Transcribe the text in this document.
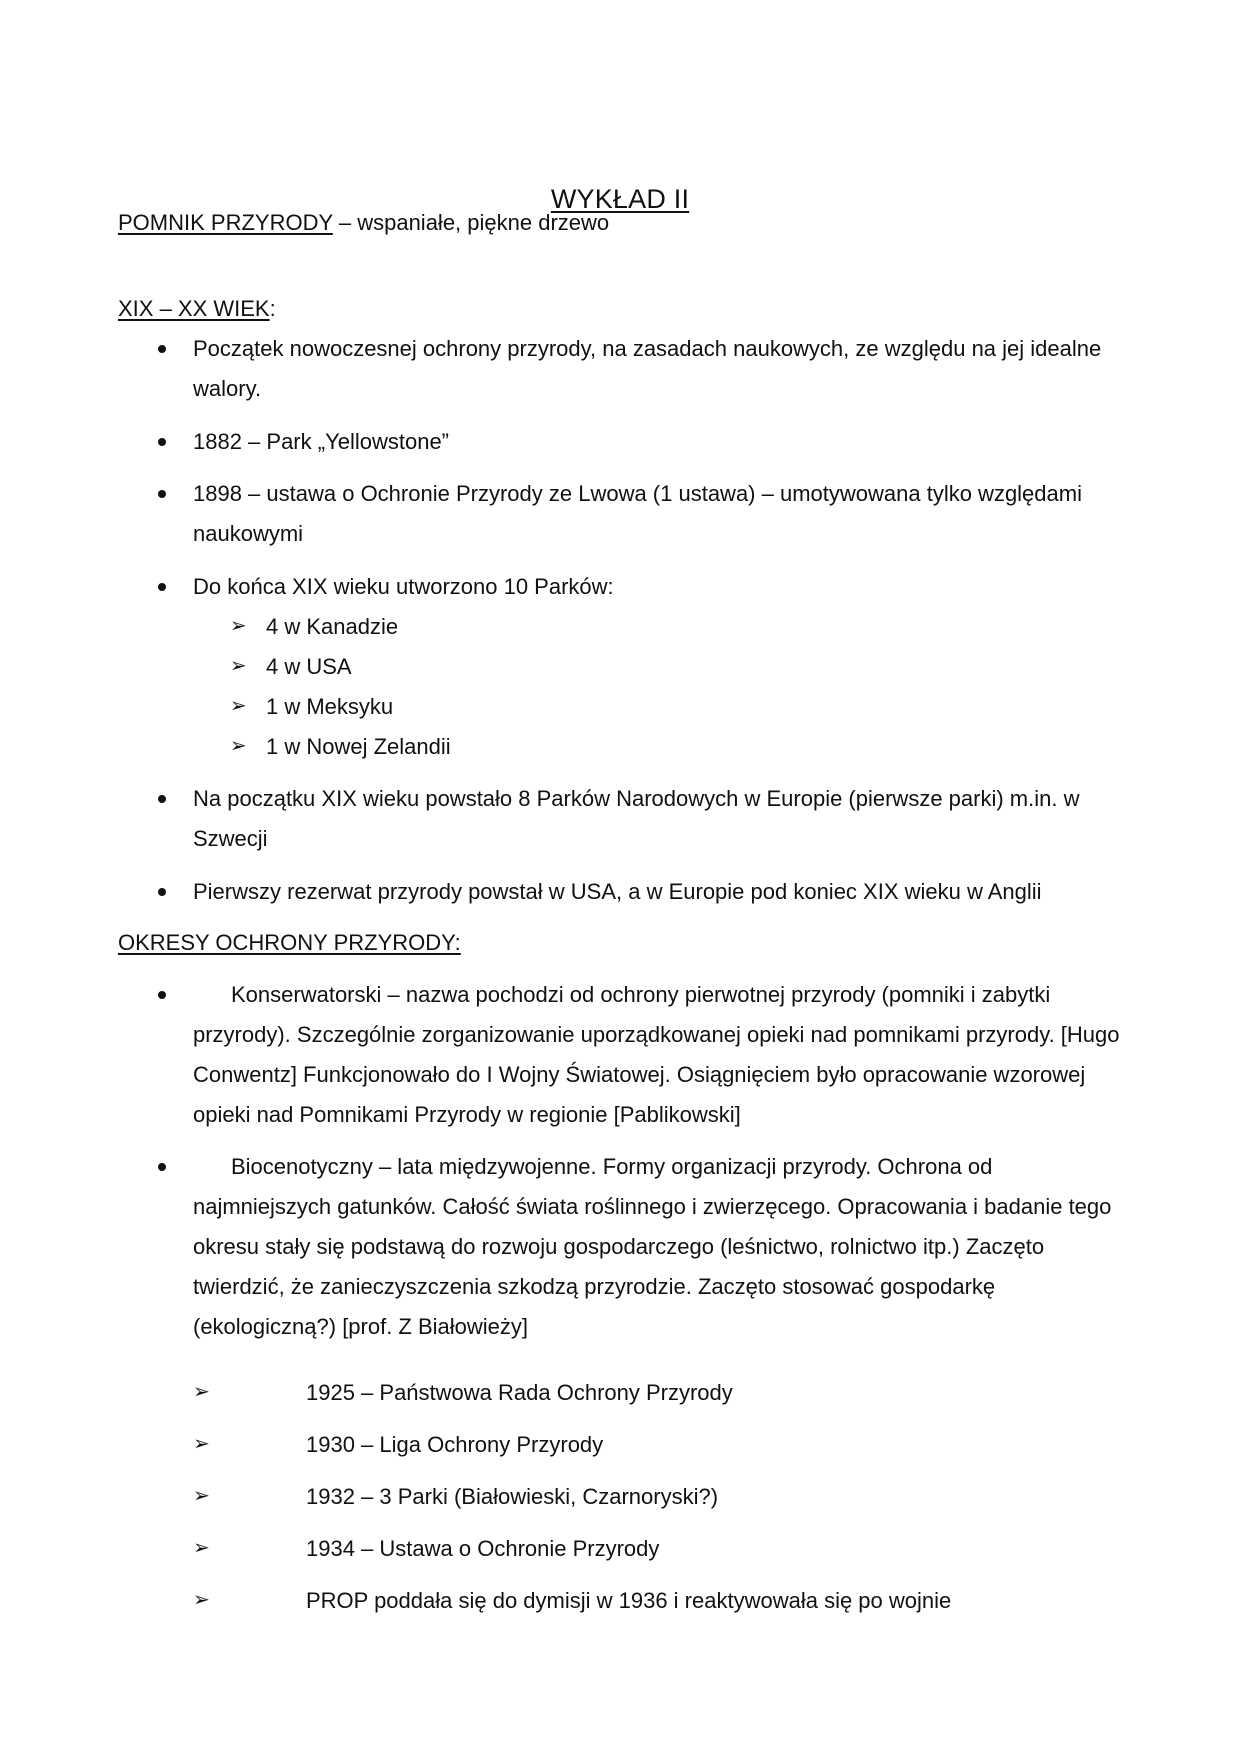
WYKŁAD II
POMNIK PRZYRODY – wspaniałe, piękne drzewo
XIX – XX WIEK:
Początek nowoczesnej ochrony przyrody, na zasadach naukowych, ze względu na jej idealne walory.
1882 – Park „Yellowstone”
1898 – ustawa o Ochronie Przyrody ze Lwowa (1 ustawa) – umotywowana tylko względami naukowymi
Do końca XIX wieku utworzono 10 Parków:
➢ 4 w Kanadzie
➢ 4 w USA
➢ 1 w Meksyku
➢ 1 w Nowej Zelandii
Na początku XIX wieku powstało 8 Parków Narodowych w Europie (pierwsze parki) m.in. w Szwecji
Pierwszy rezerwat przyrody powstał w USA, a w Europie pod koniec XIX wieku w Anglii
OKRESY OCHRONY PRZYRODY:
Konserwatorski – nazwa pochodzi od ochrony pierwotnej przyrody (pomniki i zabytki przyrody). Szczególnie zorganizowanie uporządkowanej opieki nad pomnikami przyrody. [Hugo Conwentz] Funkcjonowało do I Wojny Światowej. Osiągnięciem było opracowanie wzorowej opieki nad Pomnikami Przyrody w regionie [Pablikowski]
Biocenotyczny – lata międzywojenne. Formy organizacji przyrody. Ochrona od najmniejszych gatunków. Całość świata roślinnego i zwierzęcego. Opracowania i badanie tego okresu stały się podstawą do rozwoju gospodarczego (leśnictwo, rolnictwo itp.) Zaczęto twierdzić, że zanieczyszczenia szkodzą przyrodzie. Zaczęto stosować gospodarkę (ekologiczną?) [prof. Z Białowieży]
➢	1925 – Państwowa Rada Ochrony Przyrody
➢	1930 – Liga Ochrony Przyrody
➢	1932 – 3 Parki (Białowieski, Czarnoryski?)
➢	1934 – Ustawa o Ochronie Przyrody
➢	PROP poddała się do dymisji w 1936 i reaktywowała się po wojnie
